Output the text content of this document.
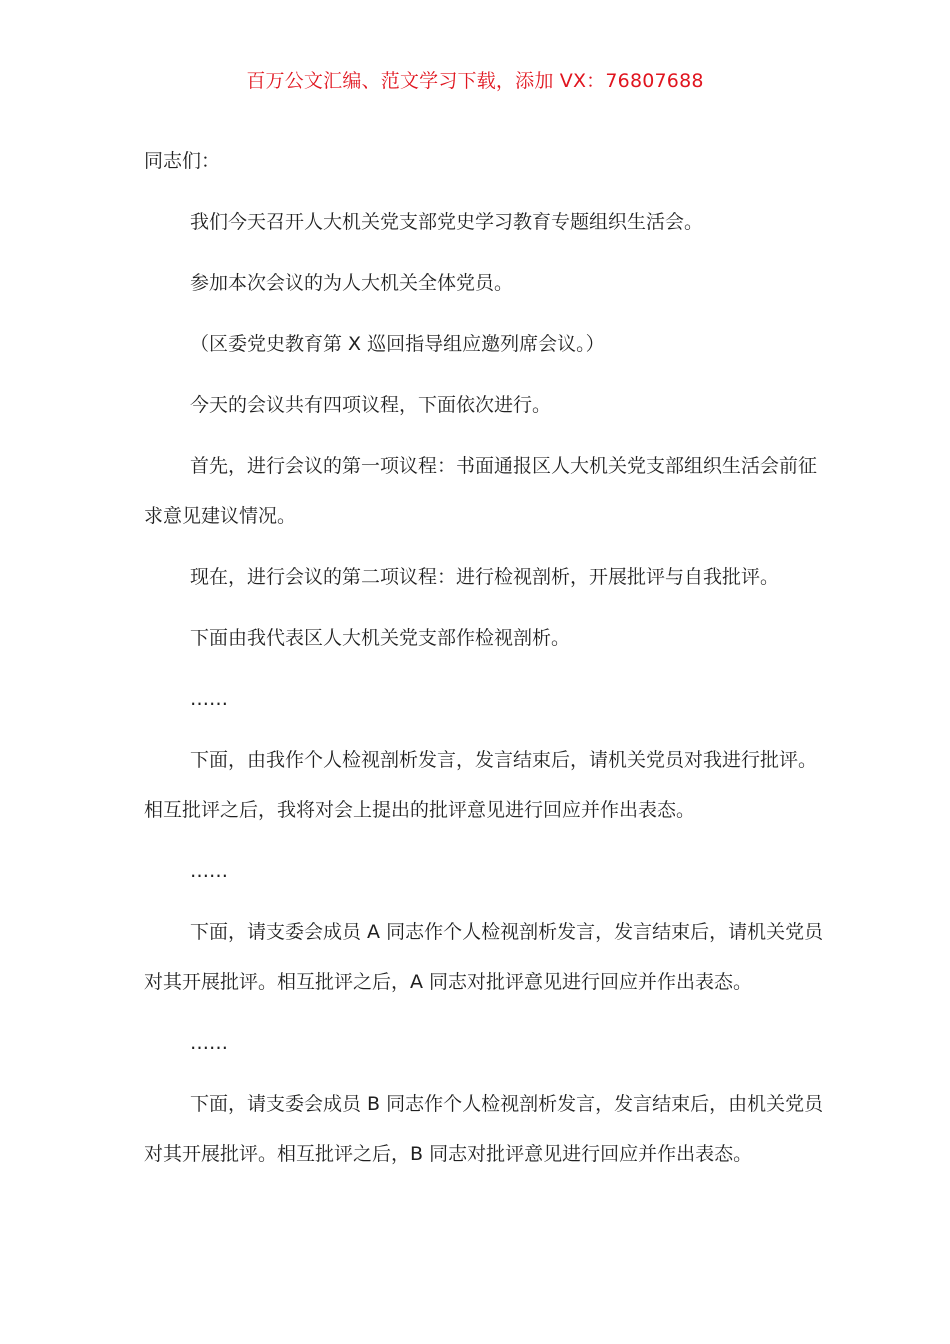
百万公文汇编、范文学习下载，添加 VX：76807688

同志们：

我们今天召开人大机关党支部党史学习教育专题组织生活会。

参加本次会议的为人大机关全体党员。

（区委党史教育第 X 巡回指导组应邀列席会议。）

今天的会议共有四项议程，下面依次进行。

首先，进行会议的第一项议程：书面通报区人大机关党支部组织生活会前征求意见建议情况。

现在，进行会议的第二项议程：进行检视剖析，开展批评与自我批评。

下面由我代表区人大机关党支部作检视剖析。

……

下面，由我作个人检视剖析发言，发言结束后，请机关党员对我进行批评。相互批评之后，我将对会上提出的批评意见进行回应并作出表态。

……

下面，请支委会成员 A 同志作个人检视剖析发言，发言结束后，请机关党员对其开展批评。相互批评之后，A 同志对批评意见进行回应并作出表态。

……

下面，请支委会成员 B 同志作个人检视剖析发言，发言结束后，由机关党员对其开展批评。相互批评之后，B 同志对批评意见进行回应并作出表态。
